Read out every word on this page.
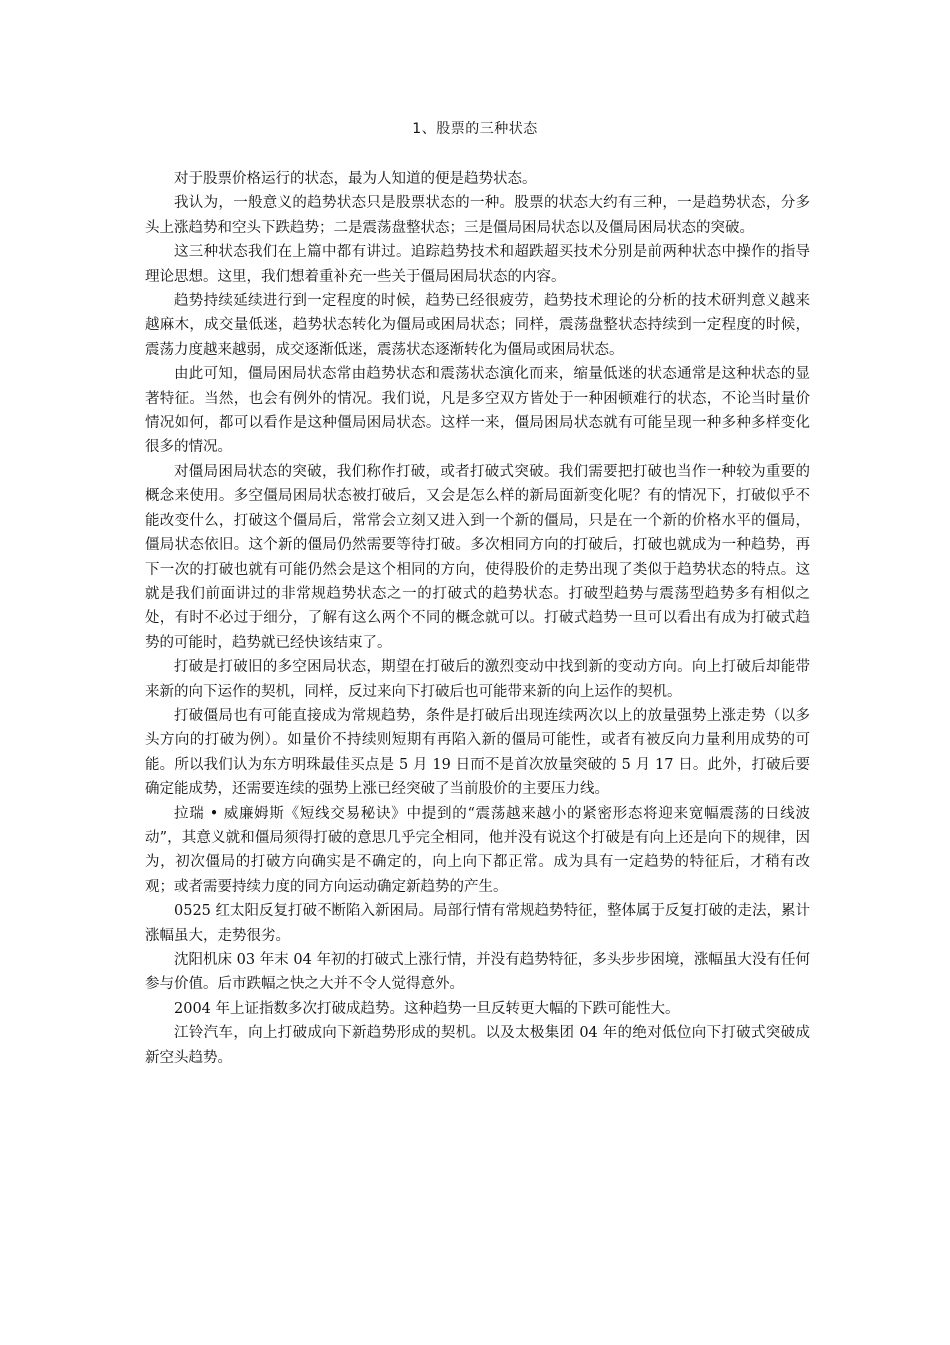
1、股票的三种状态

对于股票价格运行的状态，最为人知道的便是趋势状态。

我认为，一般意义的趋势状态只是股票状态的一种。股票的状态大约有三种，一是趋势状态，分多头上涨趋势和空头下跌趋势；二是震荡盘整状态；三是僵局困局状态以及僵局困局状态的突破。

这三种状态我们在上篇中都有讲过。追踪趋势技术和超跌超买技术分别是前两种状态中操作的指导理论思想。这里，我们想着重补充一些关于僵局困局状态的内容。

趋势持续延续进行到一定程度的时候，趋势已经很疲劳，趋势技术理论的分析的技术研判意义越来越麻木，成交量低迷，趋势状态转化为僵局或困局状态；同样，震荡盘整状态持续到一定程度的时候，震荡力度越来越弱，成交逐渐低迷，震荡状态逐渐转化为僵局或困局状态。

由此可知，僵局困局状态常由趋势状态和震荡状态演化而来，缩量低迷的状态通常是这种状态的显著特征。当然，也会有例外的情况。我们说，凡是多空双方皆处于一种困顿难行的状态，不论当时量价情况如何，都可以看作是这种僵局困局状态。这样一来，僵局困局状态就有可能呈现一种多种多样变化很多的情况。

对僵局困局状态的突破，我们称作打破，或者打破式突破。我们需要把打破也当作一种较为重要的概念来使用。多空僵局困局状态被打破后，又会是怎么样的新局面新变化呢？有的情况下，打破似乎不能改变什么，打破这个僵局后，常常会立刻又进入到一个新的僵局，只是在一个新的价格水平的僵局，僵局状态依旧。这个新的僵局仍然需要等待打破。多次相同方向的打破后，打破也就成为一种趋势，再下一次的打破也就有可能仍然会是这个相同的方向，使得股价的走势出现了类似于趋势状态的特点。这就是我们前面讲过的非常规趋势状态之一的打破式的趋势状态。打破型趋势与震荡型趋势多有相似之处，有时不必过于细分，了解有这么两个不同的概念就可以。打破式趋势一旦可以看出有成为打破式趋势的可能时，趋势就已经快该结束了。

打破是打破旧的多空困局状态，期望在打破后的激烈变动中找到新的变动方向。向上打破后却能带来新的向下运作的契机，同样，反过来向下打破后也可能带来新的向上运作的契机。

打破僵局也有可能直接成为常规趋势，条件是打破后出现连续两次以上的放量强势上涨走势（以多头方向的打破为例）。如量价不持续则短期有再陷入新的僵局可能性，或者有被反向力量利用成势的可能。所以我们认为东方明珠最佳买点是 5 月 19 日而不是首次放量突破的 5 月 17 日。此外，打破后要确定能成势，还需要连续的强势上涨已经突破了当前股价的主要压力线。

拉瑞 • 威廉姆斯《短线交易秘诀》中提到的“震荡越来越小的紧密形态将迎来宽幅震荡的日线波动”，其意义就和僵局须得打破的意思几乎完全相同，他并没有说这个打破是有向上还是向下的规律，因为，初次僵局的打破方向确实是不确定的，向上向下都正常。成为具有一定趋势的特征后，才稍有改观；或者需要持续力度的同方向运动确定新趋势的产生。

0525 红太阳反复打破不断陷入新困局。局部行情有常规趋势特征，整体属于反复打破的走法，累计涨幅虽大，走势很劣。

沈阳机床 03 年末 04 年初的打破式上涨行情，并没有趋势特征，多头步步困境，涨幅虽大没有任何参与价值。后市跌幅之快之大并不令人觉得意外。

2004 年上证指数多次打破成趋势。这种趋势一旦反转更大幅的下跌可能性大。

江铃汽车，向上打破成向下新趋势形成的契机。以及太极集团 04 年的绝对低位向下打破式突破成新空头趋势。
